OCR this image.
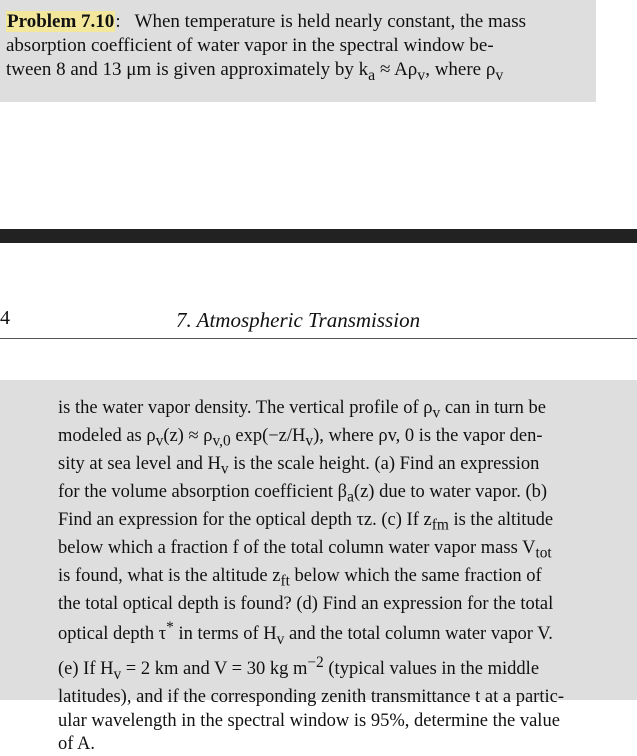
Problem 7.10: When temperature is held nearly constant, the mass
absorption coefficient of water vapor in the spectral window be-
tween 8 and 13 μm is given approximately by $k_a \approx A\rho_v$, where $\rho_v$
4	7. Atmospheric Transmission
is the water vapor density. The vertical profile of $\rho_v$ can in turn be
modeled as $\rho_v(z) \approx \rho_{v,0}$ $\exp(-z/H_v)$, where ρv, 0 is the vapor den-
sity at sea level and $H_v$ is the scale height. (a) Find an expression
for the volume absorption coefficient $\beta_a(z)$ due to water vapor. (b)
Find an expression for the optical depth τz. (c) If $z_{fm}$ is the altitude
below which a fraction f of the total column water vapor mass $V_{tot}$
is found, what is the altitude $z_{ft}$ below which the same fraction of
the total optical depth is found? (d) Find an expression for the total
optical depth τ* in terms of $H_v$ and the total column water vapor V.
(e) If $H_v = 2$ km and V = 30 kg $m^{-2}$ (typical values in the middle
latitudes), and if the corresponding zenith transmittance t at a partic-
ular wavelength in the spectral window is 95%, determine the value
of A.
